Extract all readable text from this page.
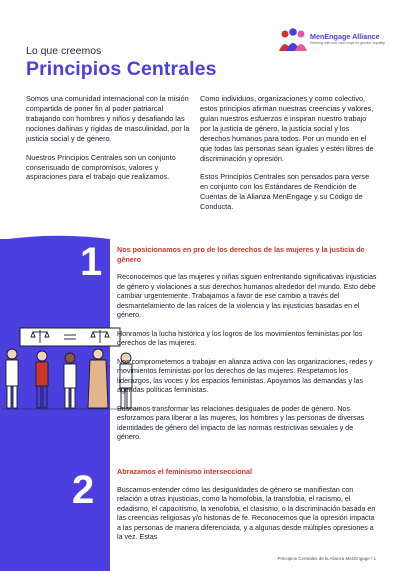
Lo que creemos
Principios Centrales
MenEngage Alliance
Working with men and boys for gender equality

Somos una comunidad internacional con la misión compartida de poner fin al poder patriarcal trabajando con hombres y niños y desafiando las nociones dañinas y rígidas de masculinidad, por la justicia social y de género.

Nuestros Principios Centrales son un conjunto consensuado de compromisos, valores y aspiraciones para el trabajo que realizamos.

Como individuos, organizaciones y como colectivo, estos principios afirman nuestras creencias y valores, guían nuestros esfuerzos e inspiran nuestro trabajo por la justicia de género, la justicia social y los derechos humanos para todos. Por un mundo en el que todas las personas sean iguales y estén libres de discriminación y opresión.

Estos Principios Centrales son pensados para verse en conjunto con los Estándares de Rendición de Cuentas de la Alianza MenEngage y su Código de Conducta.

1
2

Nos posicionamos en pro de los derechos de las mujeres y la justicia de género

Reconocemos que las mujeres y niñas siguen enfrentando significativas injusticias de género y violaciones a sus derechos humanos alrededor del mundo. Esto debe cambiar urgentemente. Trabajamos a favor de ese cambio a través del desmantelamiento de las raíces de la violencia y las injusticias basadas en el género.

Honramos la lucha histórica y los logros de los movimientos feministas por los derechos de las mujeres.

Nos comprometemos a trabajar en alianza activa con las organizaciones, redes y movimientos feministas por los derechos de las mujeres. Respetamos los liderazgos, las voces y los espacios feministas. Apoyamos las demandas y las agendas políticas feministas.

Buscamos transformar las relaciones desiguales de poder de género. Nos esforzamos para liberar a las mujeres, los hombres y las personas de diversas identidades de género del impacto de las normas restrictivas sexuales y de género.

Abrazamos el feminismo interseccional

Buscamos entender cómo las desigualdades de género se manifiestan con relación a otras injusticias, como la homofobia, la transfobia, el racismo, el edadismo, el capacitismo, la xenofobia, el clasismo, o la discriminación basada en las creencias religiosas y/o historias de fe. Reconocemos que la opresión impacta a las personas de manera diferenciada, y a algunas desde múltiples opresiones a la vez. Estas

Principios Centrales de la Alianza MenEngage / 1
